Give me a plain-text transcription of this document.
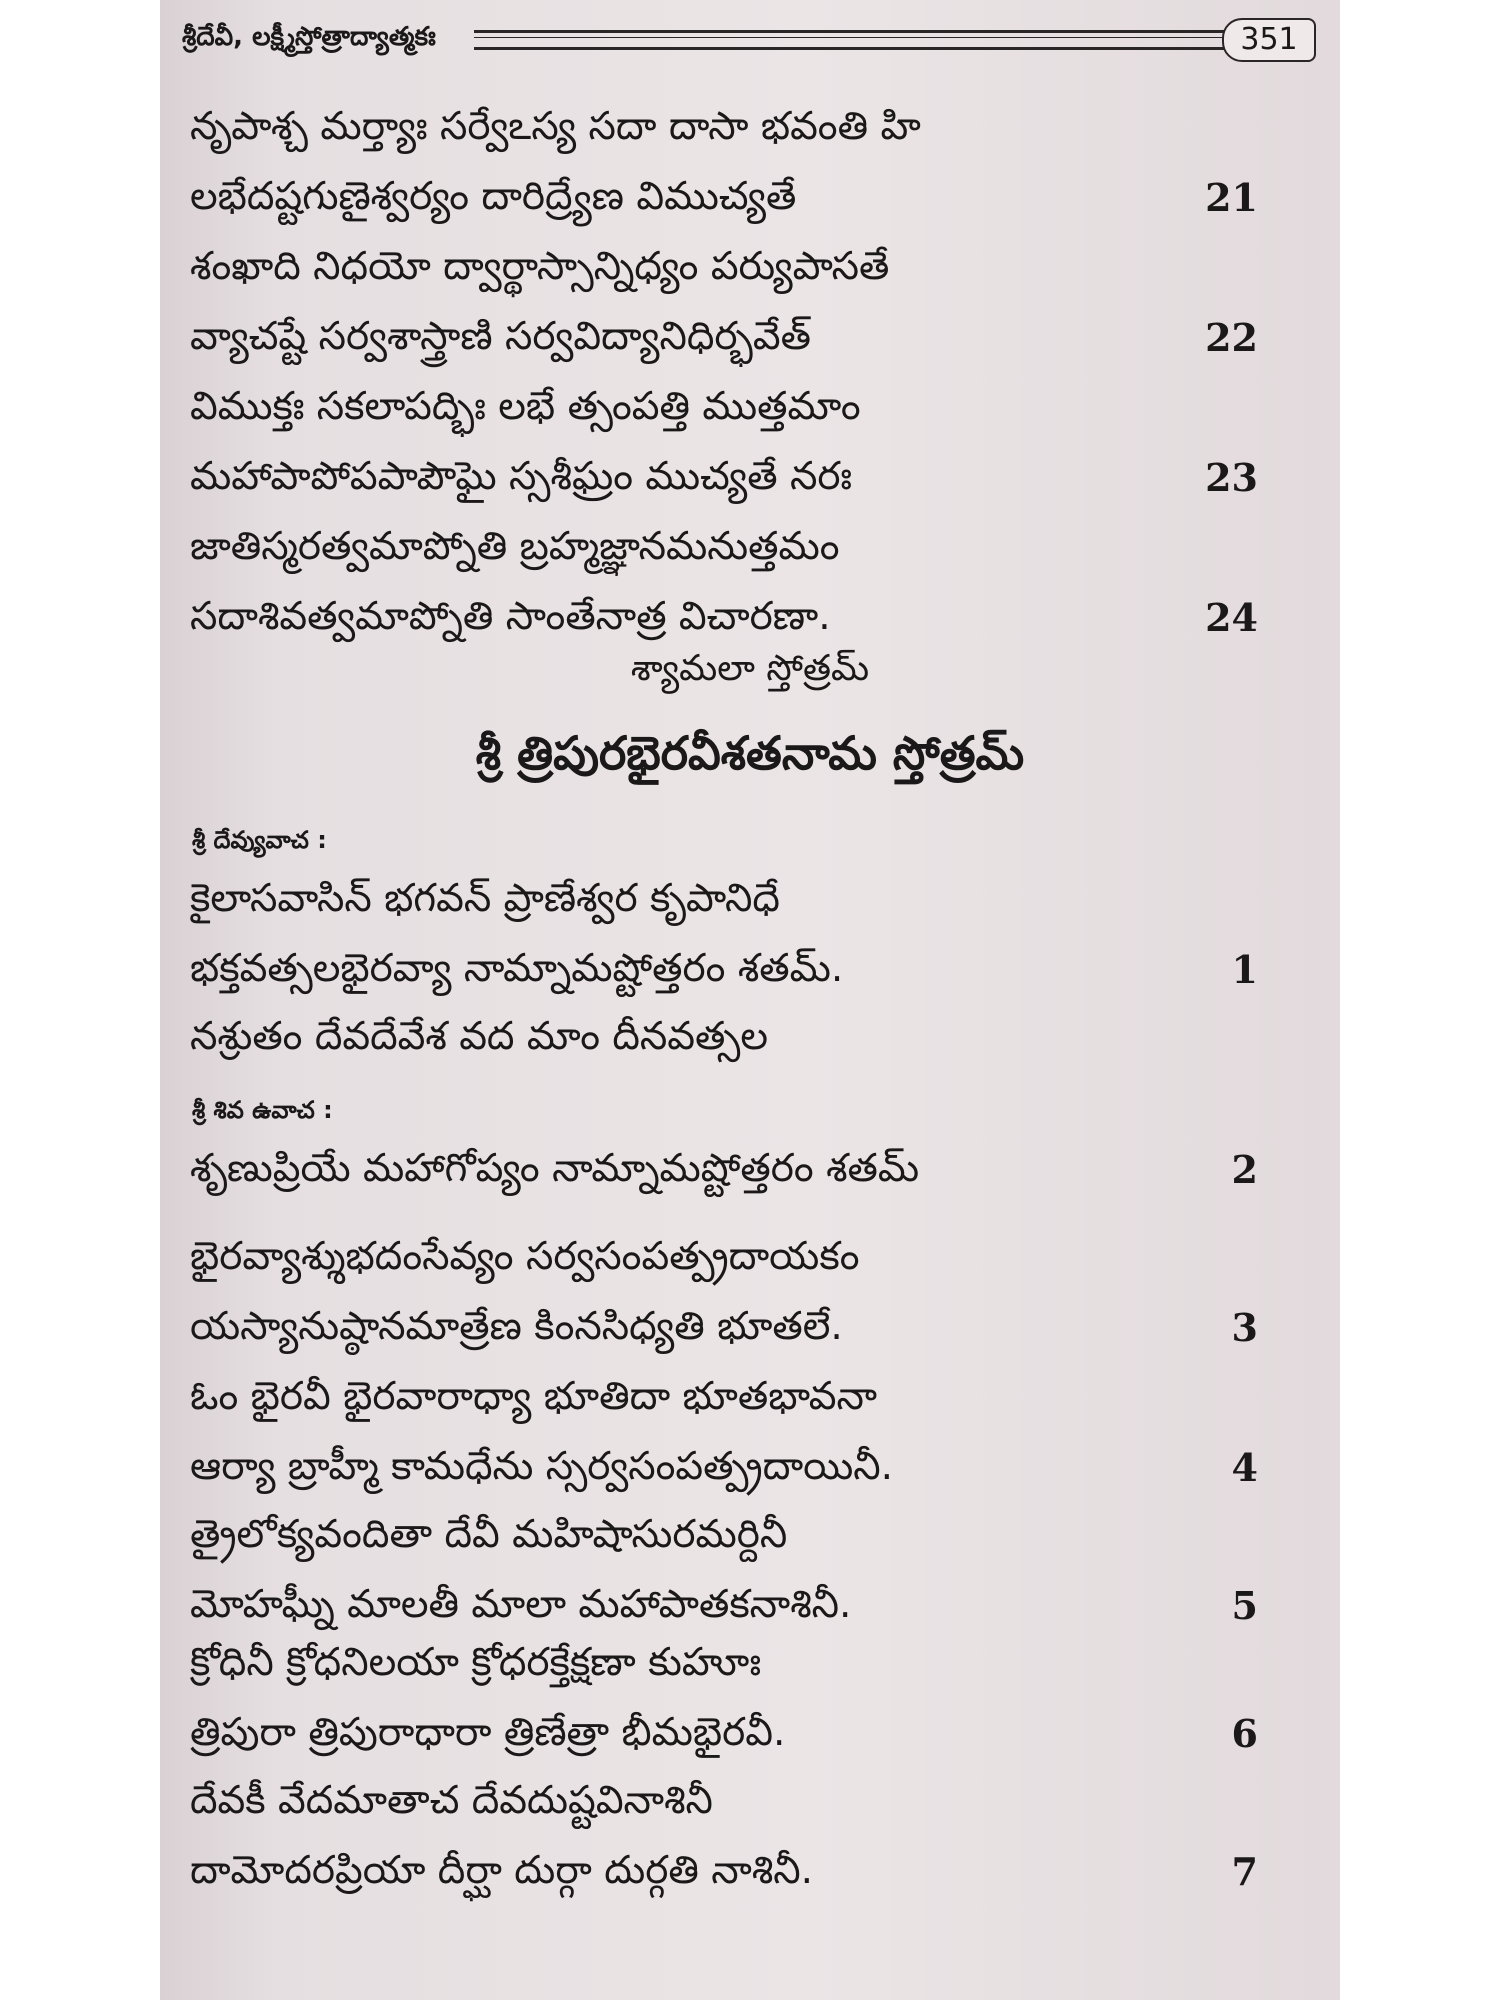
శ్రీదేవీ, లక్ష్మీస్తోత్రాద్యాత్మకః	351
నృపాశ్చ మర్త్యాః సర్వేఽస్య సదా దాసా భవంతి హి
లభేదష్టగుణైశ్వర్యం దారిద్ర్యేణ విముచ్యతే	21
శంఖాది నిధయో ద్వార్థాస్సాన్నిధ్యం పర్యుపాసతే
వ్యాచష్టే సర్వశాస్త్రాణి సర్వవిద్యానిధిర్భవేత్	22
విముక్తః సకలాపద్భిః లభే త్సంపత్తి ముత్తమాం
మహాపాపోపపాపౌఘై స్సశీఘ్రం ముచ్యతే నరః	23
జాతిస్మరత్వమాప్నోతి బ్రహ్మజ్ఞానమనుత్తమం
సదాశివత్వమాప్నోతి సాంతేనాత్ర విచారణా.	24
శ్యామలా స్తోత్రమ్
శ్రీ త్రిపురభైరవీశతనామ స్తోత్రమ్
శ్రీ దేవ్యువాచ :
కైలాసవాసిన్ భగవన్ ప్రాణేశ్వర కృపానిధే
భక్తవత్సలభైరవ్యా నామ్నామష్టోత్తరం శతమ్.	1
నశ్రుతం దేవదేవేశ వద మాం దీనవత్సల
శ్రీ శివ ఉవాచ :
శృణుప్రియే మహాగోప్యం నామ్నామష్టోత్తరం శతమ్	2
భైరవ్యాశ్శుభదంసేవ్యం సర్వసంపత్ప్రదాయకం
యస్యానుష్ఠానమాత్రేణ కింనసిధ్యతి భూతలే.	3
ఓం భైరవీ భైరవారాధ్యా భూతిదా భూతభావనా
ఆర్యా బ్రాహ్మీ కామధేను స్సర్వసంపత్ప్రదాయినీ.	4
త్రైలోక్యవందితా దేవీ మహిషాసురమర్దినీ
మోహఘ్నీ మాలతీ మాలా మహాపాతకనాశినీ.	5
క్రోధినీ క్రోధనిలయా క్రోధరక్తేక్షణా కుహూః
త్రిపురా త్రిపురాధారా త్రిణేత్రా భీమభైరవీ.	6
దేవకీ వేదమాతాచ దేవదుష్టవినాశినీ
దామోదరప్రియా దీర్ఘా దుర్గా దుర్గతి నాశినీ.	7
